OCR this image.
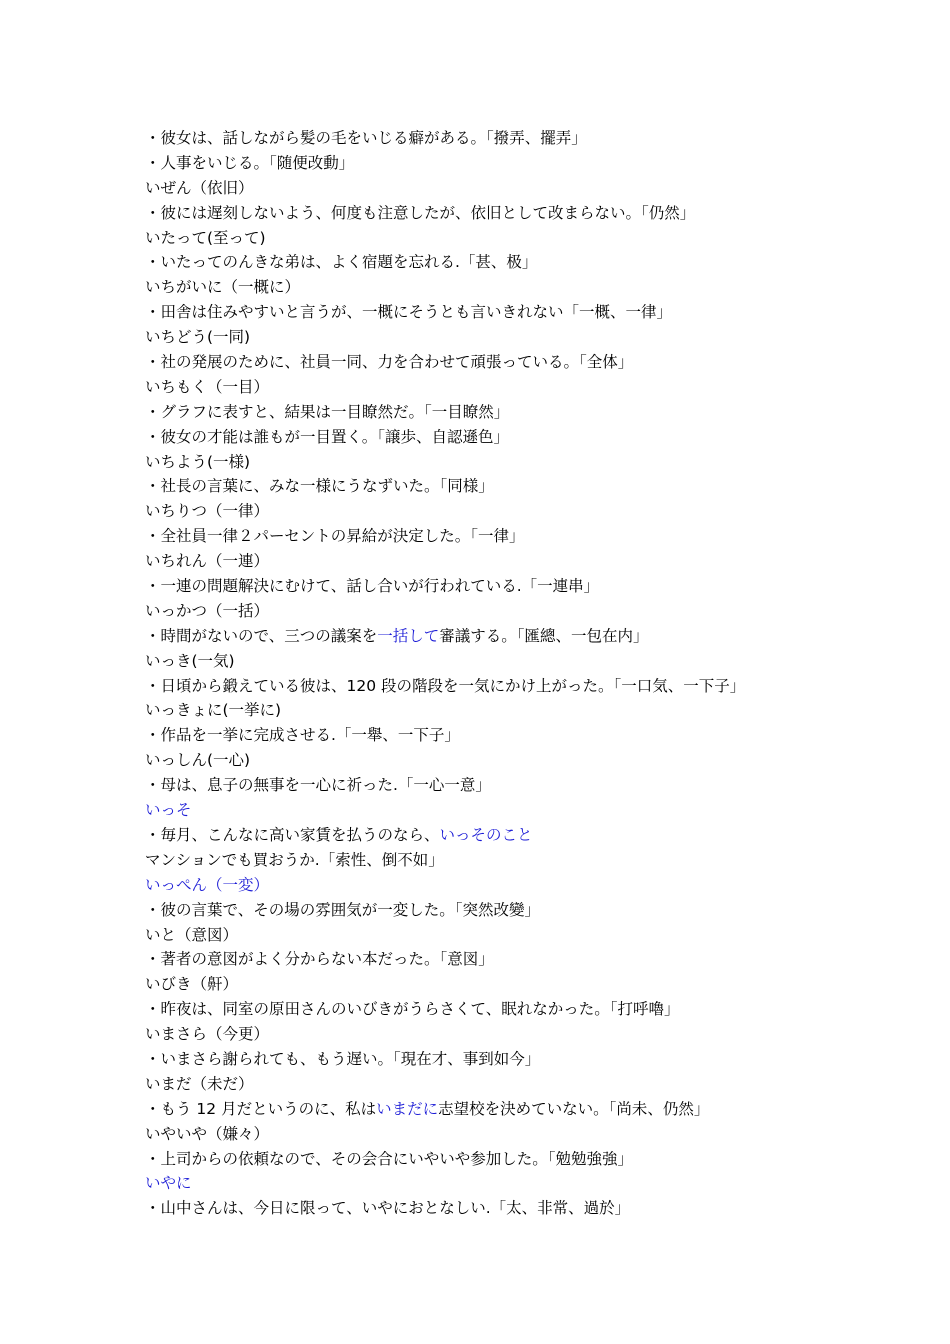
・彼女は、話しながら髪の毛をいじる癖がある。「撥弄、擺弄」
・人事をいじる。「随便改動」
いぜん（依旧）
・彼には遅刻しないよう、何度も注意したが、依旧として改まらない。「仍然」
いたって(至って)
・いたってのんきな弟は、よく宿題を忘れる.「甚、极」
いちがいに（一概に）
・田舎は住みやすいと言うが、一概にそうとも言いきれない「一概、一律」
いちどう(一同)
・社の発展のために、社員一同、力を合わせて頑張っている。「全体」
いちもく（一目）
・グラフに表すと、結果は一目瞭然だ。「一目瞭然」
・彼女の才能は誰もが一目置く。「譲歩、自認遜色」
いちよう(一様)
・社長の言葉に、みな一様にうなずいた。「同様」
いちりつ（一律）
・全社員一律２パーセントの昇給が決定した。「一律」
いちれん（一連）
・一連の問題解決にむけて、話し合いが行われている.「一連串」
いっかつ（一括）
・時間がないので、三つの議案を一括して審議する。「匯總、一包在内」
いっき(一気)
・日頃から鍛えている彼は、120 段の階段を一気にかけ上がった。「一口気、一下子」
いっきょに(一挙に)
・作品を一挙に完成させる.「一舉、一下子」
いっしん(一心)
・母は、息子の無事を一心に祈った.「一心一意」
いっそ
・毎月、こんなに高い家賃を払うのなら、いっそのことマンションでも買おうか.「索性、倒不如」
いっぺん（一変）
・彼の言葉で、その場の雰囲気が一変した。「突然改變」
いと（意図）
・著者の意図がよく分からない本だった。「意図」
いびき（鼾）
・昨夜は、同室の原田さんのいびきがうらさくて、眠れなかった。「打呼嚕」
いまさら（今更）
・いまさら謝られても、もう遅い。「現在才、事到如今」
いまだ（未だ）
・もう 12 月だというのに、私はいまだに志望校を決めていない。「尚未、仍然」
いやいや（嫌々）
・上司からの依頼なので、その会合にいやいや参加した。「勉勉強強」
いやに
・山中さんは、今日に限って、いやにおとなしい.「太、非常、過於」
